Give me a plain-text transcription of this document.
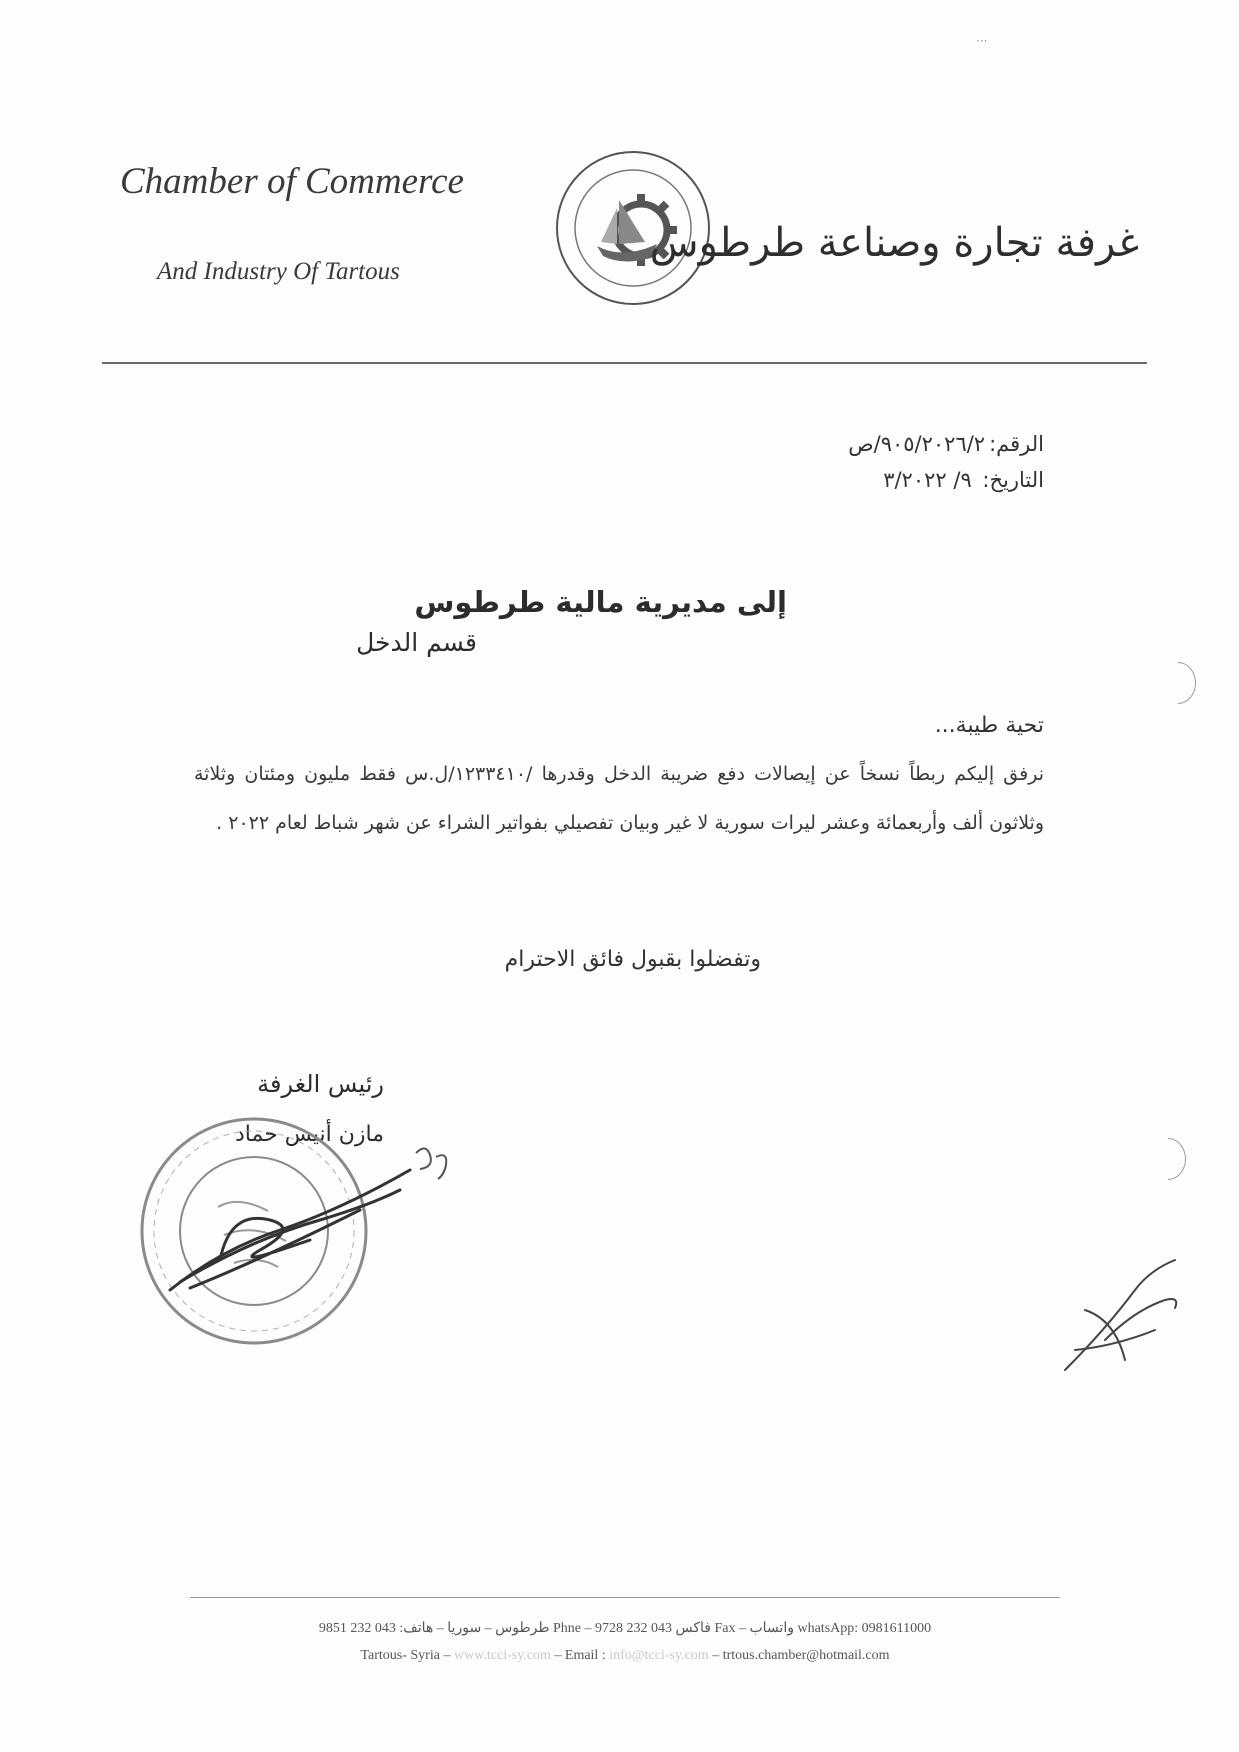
···
Chamber of Commerce
And Industry Of Tartous
غرفة تجارة وصناعة طرطوس
الرقم:٩٠٥/٢٠٢٦/٢/ص
التاريخ: ٩/ ٣/٢٠٢٢
إلى مديرية مالية طرطوس
قسم الدخل
تحية طيبة...
نرفق إليكم ربطاً نسخاً عن إيصالات دفع ضريبة الدخل وقدرها /١٢٣٣٤١٠/ل.س فقط مليون ومئتان وثلاثة وثلاثون ألف وأربعمائة وعشر ليرات سورية لا غير وبيان تفصيلي بفواتير الشراء عن شهر شباط لعام ٢٠٢٢ .
وتفضلوا بقبول فائق الاحترام
رئيس الغرفة
مازن أنيس حماد
طرطوس – سوريا – هاتف: 043 232 9851 Phne – فاكس 043 232 9728 Fax – واتساب whatsApp: 0981611000
Tartous- Syria – www.tcci-sy.com – Email : info@tcci-sy.com – trtous.chamber@hotmail.com
